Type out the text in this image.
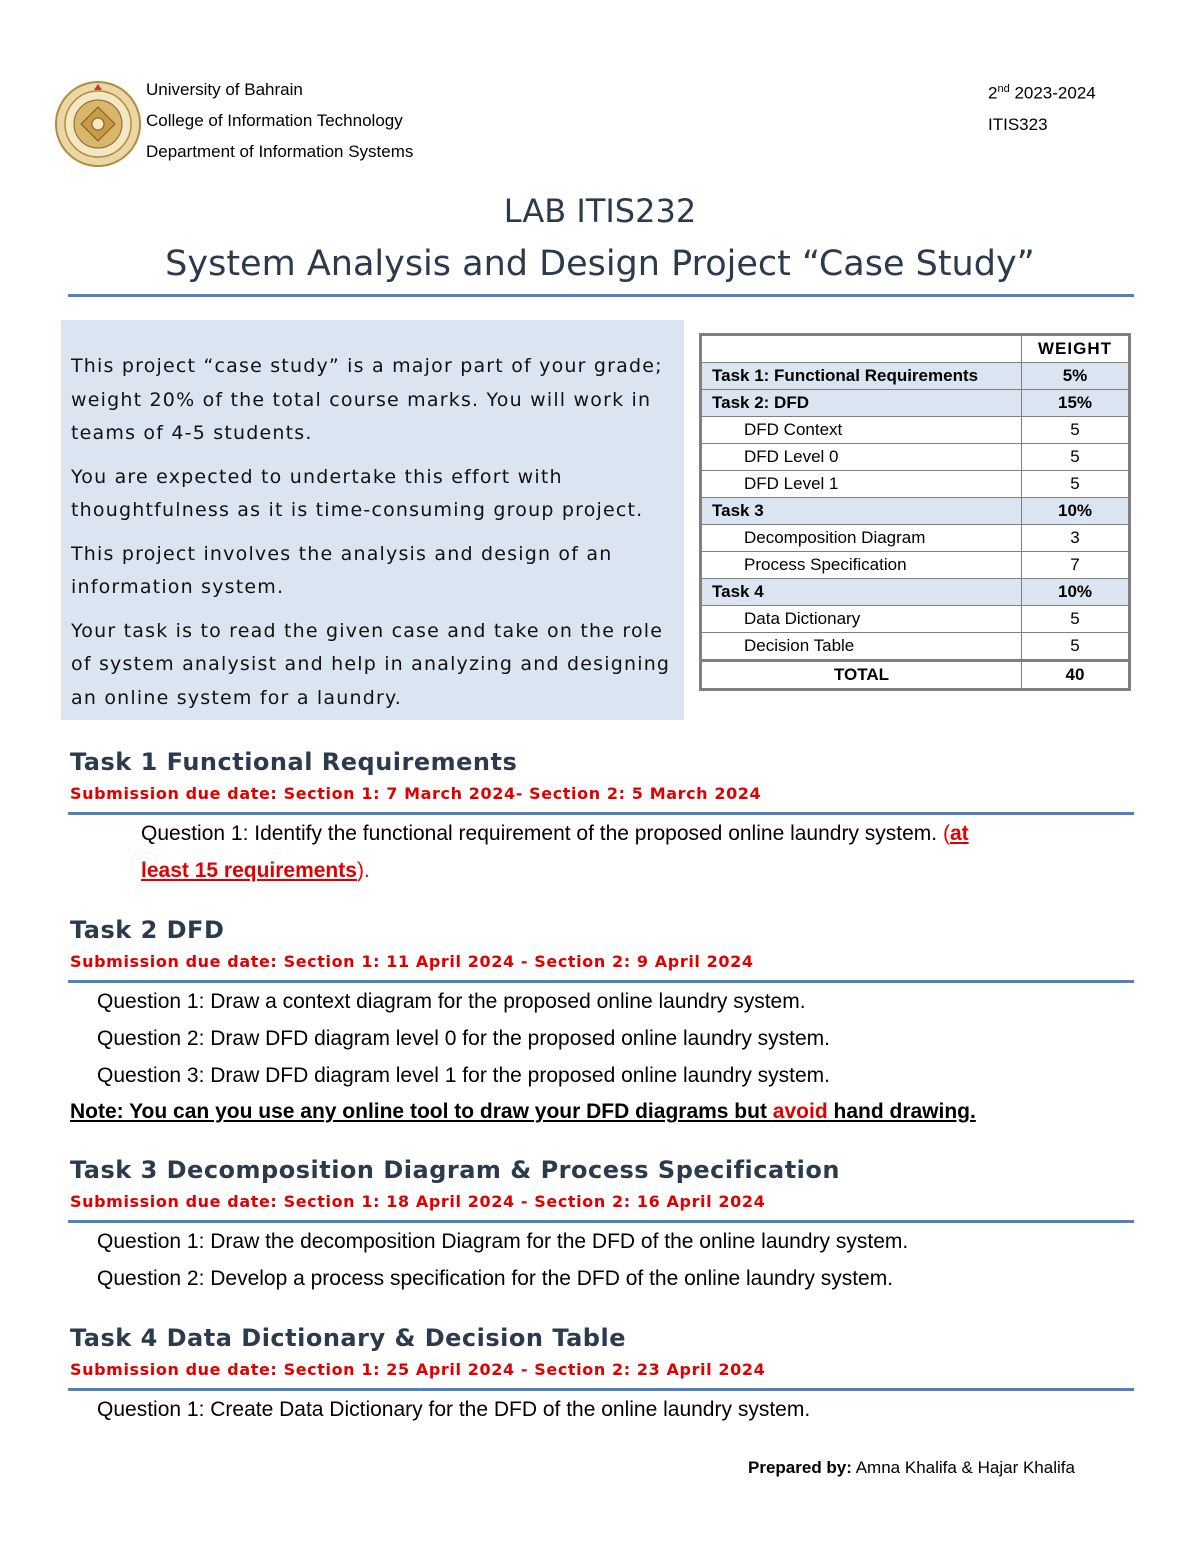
University of Bahrain
College of Information Technology
Department of Information Systems
2nd 2023-2024
ITIS323
LAB ITIS232
System Analysis and Design Project “Case Study”

This project “case study” is a major part of your grade; weight 20% of the total course marks. You will work in teams of 4-5 students.

You are expected to undertake this effort with thoughtfulness as it is time-consuming group project.

This project involves the analysis and design of an information system.

Your task is to read the given case and take on the role of system analysist and help in analyzing and designing an online system for a laundry.

	WEIGHT
Task 1: Functional Requirements	5%
Task 2: DFD	15%
DFD Context	5
DFD Level 0	5
DFD Level 1	5
Task 3	10%
Decomposition Diagram	3
Process Specification	7
Task 4	10%
Data Dictionary	5
Decision Table	5
TOTAL	40
Task 1 Functional Requirements
Submission due date: Section 1: 7 March 2024- Section 2: 5 March 2024
Question 1: Identify the functional requirement of the proposed online laundry system. (at
least 15 requirements).
Task 2 DFD
Submission due date: Section 1: 11 April 2024 - Section 2: 9 April 2024
Question 1: Draw a context diagram for the proposed online laundry system.
Question 2: Draw DFD diagram level 0 for the proposed online laundry system.
Question 3: Draw DFD diagram level 1 for the proposed online laundry system.
Note: You can you use any online tool to draw your DFD diagrams but avoid hand drawing.
Task 3 Decomposition Diagram & Process Specification
Submission due date: Section 1: 18 April 2024 - Section 2: 16 April 2024
Question 1: Draw the decomposition Diagram for the DFD of the online laundry system.
Question 2: Develop a process specification for the DFD of the online laundry system.
Task 4 Data Dictionary & Decision Table
Submission due date: Section 1: 25 April 2024 - Section 2: 23 April 2024
Question 1: Create Data Dictionary for the DFD of the online laundry system.
Prepared by: Amna Khalifa & Hajar Khalifa
